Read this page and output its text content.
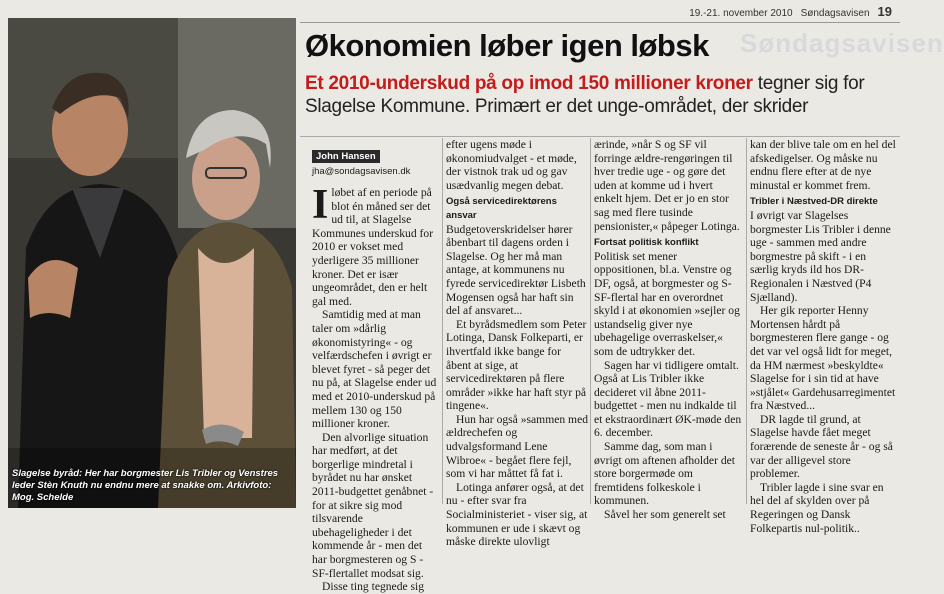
19.-21. november 2010 Søndagsavisen 19
Søndagsavisen
Slagelse byråd: Her har borgmester Lis Tribler og Venstres leder Stèn Knuth nu endnu mere at snakke om. Arkivfoto: Mog. Schelde
Økonomien løber igen løbsk
Et 2010-underskud på op imod 150 millioner kroner tegner sig for Slagelse Kommune. Primært er det unge-området, der skrider
John Hansen
jha@sondagsavisen.dk

Iløbet af en periode på blot én måned ser det ud til, at Slagelse Kommunes underskud for 2010 er vokset med yderligere 35 millioner kroner. Det er især ungeområdet, den er helt gal med.

Samtidig med at man taler om »dårlig økonomistyring« - og velfærdschefen i øvrigt er blevet fyret - så peger det nu på, at Slagelse ender ud med et 2010-underskud på mellem 130 og 150 millioner kroner.

Den alvorlige situation har medført, at det borgerlige mindretal i byrådet nu har ønsket 2011-budgettet genåbnet - for at sikre sig mod tilsvarende ubehageligheder i det kommende år - men det har borgmesteren og S - SF-flertallet modsat sig.

Disse ting tegnede sig

efter ugens møde i økonomiudvalget - et møde, der vistnok trak ud og gav usædvanlig megen debat.

Også servicedirektørens ansvar

Budgetoverskridelser hører åbenbart til dagens orden i Slagelse. Og her må man antage, at kommunens nu fyrede servicedirektør Lisbeth Mogensen også har haft sin del af ansvaret...

Et byrådsmedlem som Peter Lotinga, Dansk Folkeparti, er ihvertfald ikke bange for åbent at sige, at servicedirektøren på flere områder »ikke har haft styr på tingene«.

Hun har også »sammen med ældrechefen og udvalgsformand Lene Wibroe« - begået flere fejl, som vi har måttet få fat i.

Lotinga anfører også, at det nu - efter svar fra Socialministeriet - viser sig, at kommunen er ude i skævt og måske direkte ulovligt

ærinde, »når S og SF vil forringe ældre-rengøringen til hver tredie uge - og gøre det uden at komme ud i hvert enkelt hjem. Det er jo en stor sag med flere tusinde pensionister,« påpeger Lotinga.

Fortsat politisk konflikt

Politisk set mener oppositionen, bl.a. Venstre og DF, også, at borgmester og S-SF-flertal har en overordnet skyld i at økonomien »sejler og ustandselig giver nye ubehagelige overraskelser,« som de udtrykker det.

Sagen har vi tidligere omtalt. Også at Lis Tribler ikke decideret vil åbne 2011-budgettet - men nu indkalde til et ekstraordinært ØK-møde den 6. december.

Samme dag, som man i øvrigt om aftenen afholder det store borgermøde om fremtidens folkeskole i kommunen.

Såvel her som generelt set

kan der blive tale om en hel del afskedigelser. Og måske nu endnu flere efter at de nye minustal er kommet frem.

Tribler i Næstved-DR direkte

I øvrigt var Slagelses borgmester Lis Tribler i denne uge - sammen med andre borgmestre på skift - i en særlig kryds ild hos DR-Regionalen i Næstved (P4 Sjælland).

Her gik reporter Henny Mortensen hårdt på borgmesteren flere gange - og det var vel også lidt for meget, da HM nærmest »beskyldte« Slagelse for i sin tid at have »stjålet« Gardehusarregimentet fra Næstved...

DR lagde til grund, at Slagelse havde fået meget forærende de seneste år - og så var der alligevel store problemer.

Tribler lagde i sine svar en hel del af skylden over på Regeringen og Dansk Folkepartis nul-politik..
